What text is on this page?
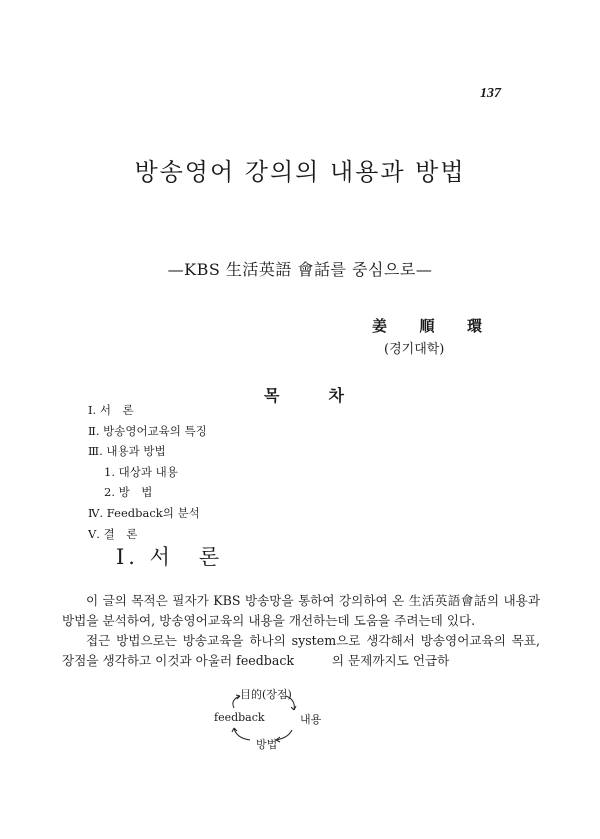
137
방송영어 강의의 내용과 방법
—KBS 生活英語 會話를 중심으로—
姜 順 環
(경기대학)
목	차
Ⅰ. 서　론
Ⅱ. 방송영어교육의 특징
Ⅲ. 내용과 방법
1. 대상과 내용
2. 방　법
Ⅳ. Feedback의 분석
Ⅴ. 결　론
Ⅰ. 서　론

이 글의 목적은 필자가 KBS 방송망을 통하여 강의하여 온 生活英語會話의 내용과 방법을 분석하여, 방송영어교육의 내용을 개선하는데 도움을 주려는데 있다.

접근 방법으로는 방송교육을 하나의 system으로 생각해서 방송영어교육의 목표, 장점을 생각하고 이것과 아울러 feedback　　　의 문제까지도 언급하

目的(장점)
feedback	내용
방법
